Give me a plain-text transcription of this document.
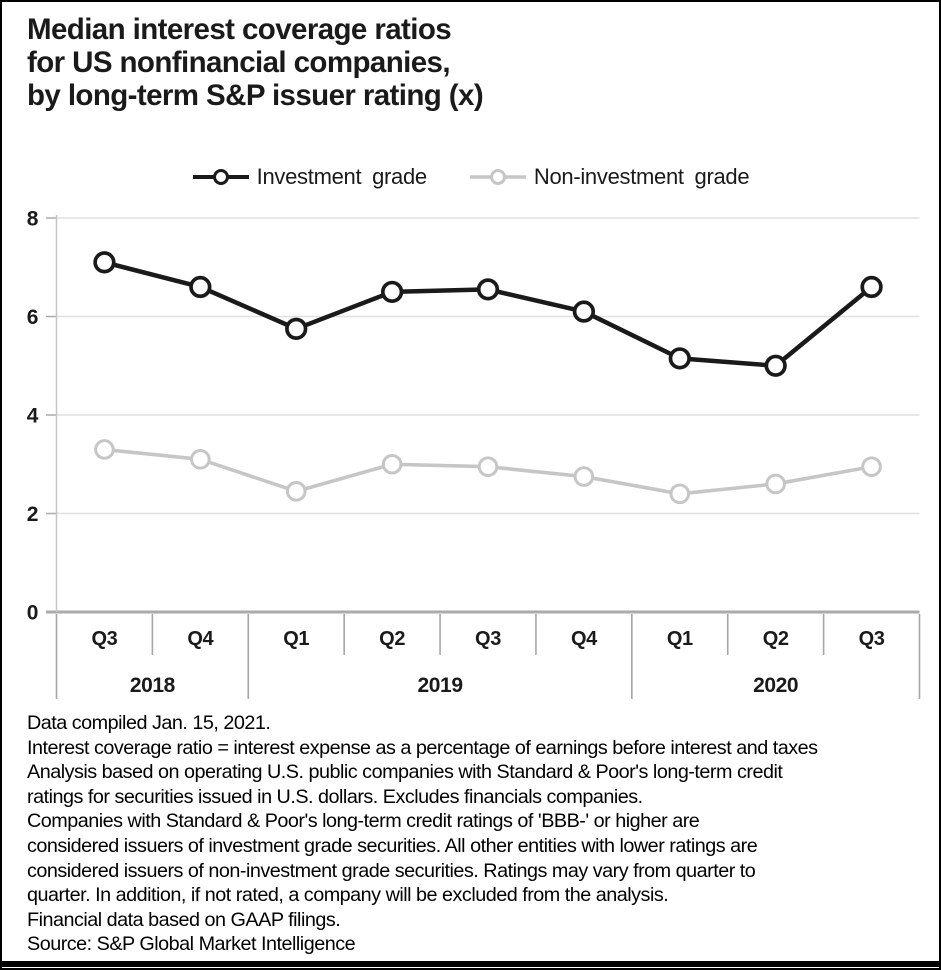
Median interest coverage ratios
for US nonfinancial companies,
by long-term S&P issuer rating (x)
Investment grade	Non-investment grade
0
2
4
6
8
Q3	Q4	Q1	Q2	Q3	Q4	Q1	Q2	Q3
2018	2019	2020
Data compiled Jan. 15, 2021.
Interest coverage ratio = interest expense as a percentage of earnings before interest and taxes
Analysis based on operating U.S. public companies with Standard & Poor's long-term credit
ratings for securities issued in U.S. dollars. Excludes financials companies.
Companies with Standard & Poor's long-term credit ratings of 'BBB-' or higher are
considered issuers of investment grade securities. All other entities with lower ratings are
considered issuers of non-investment grade securities. Ratings may vary from quarter to
quarter. In addition, if not rated, a company will be excluded from the analysis.
Financial data based on GAAP filings.
Source: S&P Global Market Intelligence
